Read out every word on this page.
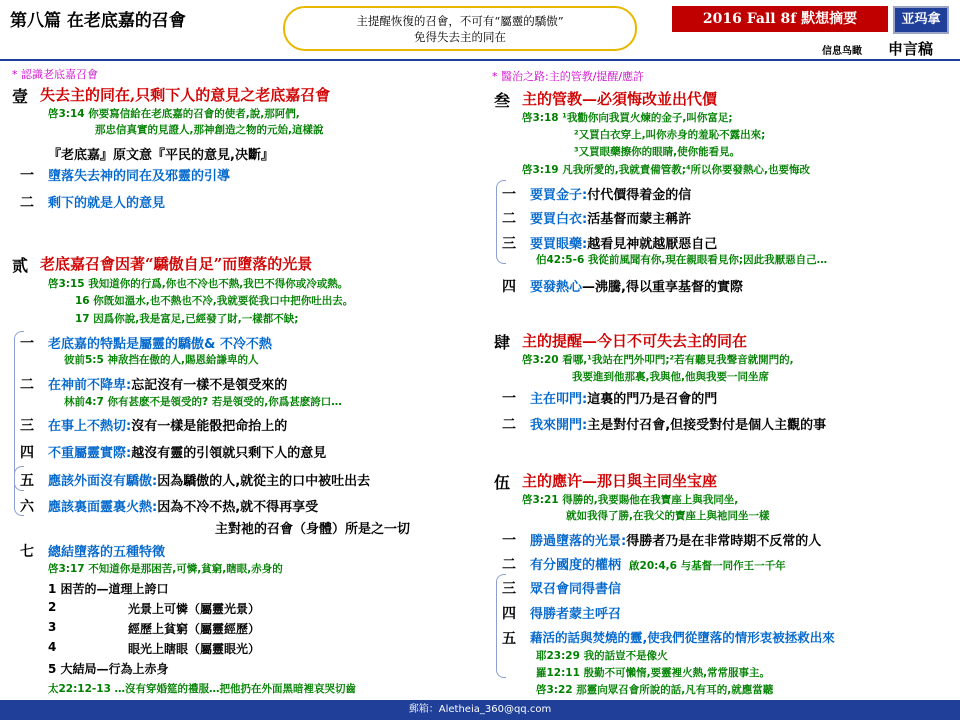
第八篇 在老底嘉的召會	主提醒恢復的召會，不可有“屬靈的驕傲”
免得失去主的同在
2016 Fall 8f 默想摘要	亚玛拿
信息鸟瞰 申言稿
* 認識老底嘉召會
壹 失去主的同在,只剩下人的意見之老底嘉召會
啓3:14 你要寫信給在老底嘉的召會的使者,說,那阿們,
那忠信真實的見證人,那神創造之物的元始,這樣說
『老底嘉』原文意『平民的意見,决斷』
一 墮落失去神的同在及邪靈的引導
二 剩下的就是人的意見
贰 老底嘉召會因著“驕傲自足”而墮落的光景
啓3:15 我知道你的行爲,你也不冷也不熱,我巴不得你或冷或熱。
16 你旣如溫水,也不熱也不冷,我就要從我口中把你吐出去。
17 因爲你說,我是富足,已經發了財,一樣都不缺;
一 老底嘉的特點是屬靈的驕傲& 不冷不熱
彼前5:5 神敌挡在傲的人,賜恩給謙卑的人
二 在神前不降卑:忘記沒有一樣不是領受來的
林前4:7 你有甚麽不是領受的? 若是領受的,你爲甚麽誇口…
三 在事上不熱切:沒有一樣是能骰把命抬上的
四 不重屬靈實際:越沒有靈的引領就只剩下人的意見
五 應該外面沒有驕傲:因為驕傲的人,就從主的口中被吐出去
六 應該裏面靈裏火熱:因為不冷不热,就不得再享受
主對祂的召會（身體）所是之一切
七 總結墮落的五種特徵
啓3:17 不知道你是那困苦,可憐,貧窮,瞎眼,赤身的
1 困苦的—道理上誇口
2	光景上可憐（屬靈光景）
3	經歷上貧窮（屬靈經歷）
4	眼光上瞎眼（屬靈眼光）
5 大結局—行為上赤身
太22:12-13 …沒有穿婚筵的禮服…把他扔在外面黑暗裡哀哭切齒
* 醫治之路:主的管教/提醒/應許
叁 主的管教—必須悔改並出代價
啓3:18 ¹我勸你向我買火煉的金子,叫你富足;
²又買白衣穿上,叫你赤身的羞恥不露出來;
³又買眼藥擦你的眼睛,使你能看見。
啓3:19 凡我所愛的,我就責備管教;⁴所以你要發熱心,也要悔改
一 要買金子:付代價得着金的信
二 要買白衣:活基督而蒙主稱許
三 要買眼藥:越看見神就越厭惡自己
伯42:5-6 我從前風聞有你,現在親眼看見你;因此我厭惡自己…
四 要發熱心—沸騰,得以重享基督的實際
肆 主的提醒—今日不可失去主的同在
啓3:20 看哪,¹我站在門外叩門;²若有聽見我聲音就開門的,
我要進到他那裏,我與他,他與我要一同坐席
一 主在叩門:這裏的門乃是召會的門
二 我來開門:主是對付召會,但接受對付是個人主觀的事
伍 主的應许—那日與主同坐宝座
啓3:21 得勝的,我要賜他在我寶座上與我同坐,
就如我得了勝,在我父的寶座上與祂同坐一樣
一 勝過墮落的光景:得勝者乃是在非常時期不反常的人
二 有分國度的權柄 啟20:4,6 与基督一同作王一千年
三 眾召會同得書信
四 得勝者蒙主呼召
五 藉活的話與焚燒的靈,使我們從墮落的情形衷被拯救出來
耶23:29 我的話豈不是像火
羅12:11 殷勤不可懶惰,要靈裡火熱,常常服事主。
啓3:22 那靈向眾召會所說的話,凡有耳的,就應當聽
郵箱：Aletheia_360@qq.com
